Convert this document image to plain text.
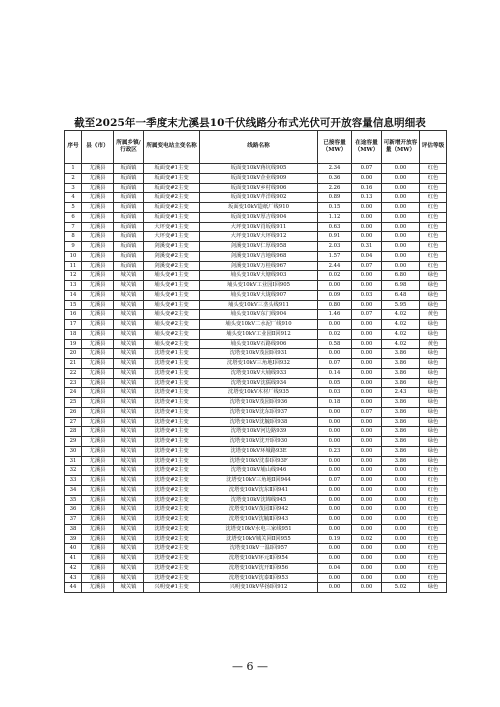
截至2025年一季度末尤溪县10千伏线路分布式光伏可开放容量信息明细表
序号	县（市）	所属乡镇/行政区	所属变电站主变名称	线路名称	已接容量（MW）	在途容量（MW）	可新增开放容量（MW）	评估等级
1	尤溪县	坂面镇	坂面变#1主变	坂面变10kV蒋坑线905	2.34	0.07	0.00	红色
2	尤溪县	坂面镇	坂面变#1主变	坂面变10kV企业线909	0.36	0.00	0.00	红色
3	尤溪县	坂面镇	坂面变#2主变	坂面变10kV乡村线906	2.26	0.16	0.00	红色
4	尤溪县	坂面镇	坂面变#2主变	坂面变10kV芹洋线902	0.89	0.13	0.00	红色
5	尤溪县	坂面镇	坂面变#2主变	坂面变10kV造纸厂线910	0.15	0.00	0.00	红色
6	尤溪县	坂面镇	坂面变#1主变	坂面变10kV厚吉线904	1.12	0.00	0.00	红色
7	尤溪县	坂面镇	大坪变#1主变	大坪变10kV肖坂线911	0.63	0.00	0.00	红色
8	尤溪县	坂面镇	大坪变#1主变	大坪变10kV大坪线912	0.91	0.00	0.00	红色
9	尤溪县	坂面镇	剑溪变#1主变	剑溪变10kV仁厚线958	2.03	0.31	0.00	红色
10	尤溪县	坂面镇	剑溪变#2主变	剑溪变10kV吉地线968	1.57	0.04	0.00	红色
11	尤溪县	坂面镇	剑溪变#2主变	剑溪变10kV万桂线967	2.44	0.07	0.00	红色
12	尤溪县	城关镇	埔头变#1主变	埔头变10kV大塘线903	0.02	0.00	6.80	绿色
13	尤溪县	城关镇	埔头变#1主变	埔头变10kV工业园Ⅰ回905	0.00	0.00	6.98	绿色
14	尤溪县	城关镇	埔头变#1主变	埔头变10kV大垅线907	0.09	0.03	6.48	绿色
15	尤溪县	城关镇	埔头变#1主变	埔头变10kV三垄头线911	0.80	0.00	5.95	绿色
16	尤溪县	城关镇	埔头变#2主变	埔头变10kV东门线904	1.46	0.07	4.02	黄色
17	尤溪县	城关镇	埔头变#2主变	埔头变10kV二水泥厂线910	0.00	0.00	4.02	绿色
18	尤溪县	城关镇	埔头变#2主变	埔头变10kV工业园Ⅱ回912	0.02	0.00	4.02	绿色
19	尤溪县	城关镇	埔头变#2主变	埔头变10kV石路线906	0.58	0.00	4.02	黄色
20	尤溪县	城关镇	沈塔变#1主变	沈塔变10kV茂园Ⅰ回931	0.00	0.00	3.86	绿色
21	尤溪县	城关镇	沈塔变#1主变	沈塔变10kV三角地Ⅰ回932	0.07	0.00	3.86	绿色
22	尤溪县	城关镇	沈塔变#1主变	沈塔变10kV大埔线933	0.14	0.00	3.86	绿色
23	尤溪县	城关镇	沈塔变#1主变	沈塔变10kV沈儒线934	0.05	0.00	3.86	绿色
24	尤溪县	城关镇	沈塔变#1主变	沈塔变10kV木材厂线935	0.03	0.00	2.43	绿色
25	尤溪县	城关镇	沈塔变#1主变	沈塔变10kV茂园Ⅰ回936	0.18	0.00	3.86	绿色
26	尤溪县	城关镇	沈塔变#1主变	沈塔变10kV沈东Ⅰ回937	0.00	0.07	3.86	绿色
27	尤溪县	城关镇	沈塔变#1主变	沈塔变10kV沈毓Ⅰ回938	0.00	0.00	3.86	绿色
28	尤溪县	城关镇	沈塔变#1主变	沈塔变10kV河边路939	0.00	0.00	3.86	绿色
29	尤溪县	城关镇	沈塔变#1主变	沈塔变10kV沈开Ⅰ回930	0.00	0.00	3.86	绿色
30	尤溪县	城关镇	沈塔变#1主变	沈塔变10kV环城路93E	0.23	0.00	3.86	绿色
31	尤溪县	城关镇	沈塔变#1主变	沈塔变10kV沈泰Ⅰ回93F	0.00	0.00	3.86	绿色
32	尤溪县	城关镇	沈塔变#2主变	沈塔变10kV埔山线946	0.00	0.00	0.00	红色
33	尤溪县	城关镇	沈塔变#2主变	沈塔变10kV三角地Ⅱ回944	0.07	0.00	0.00	红色
34	尤溪县	城关镇	沈塔变#2主变	沈塔变10kV沈东Ⅱ回941	0.00	0.00	0.00	红色
35	尤溪县	城关镇	沈塔变#2主变	沈塔变10kV沈锦线945	0.00	0.00	0.00	红色
36	尤溪县	城关镇	沈塔变#2主变	沈塔变10kV茂园Ⅱ回942	0.00	0.00	0.00	红色
37	尤溪县	城关镇	沈塔变#2主变	沈塔变10kV沈毓Ⅱ回943	0.00	0.00	0.00	红色
38	尤溪县	城关镇	沈塔变#2主变	沈塔变10kV水电三家线951	0.00	0.00	0.00	红色
39	尤溪县	城关镇	沈塔变#2主变	沈塔变10kV城关回Ⅱ回955	0.19	0.02	0.00	红色
40	尤溪县	城关镇	沈塔变#2主变	沈塔变10kV一温Ⅰ回957	0.00	0.00	0.00	红色
41	尤溪县	城关镇	沈塔变#2主变	沈塔变10kV环元Ⅱ回954	0.00	0.00	0.00	红色
42	尤溪县	城关镇	沈塔变#2主变	沈塔变10kV沈开Ⅱ回956	0.04	0.00	0.00	红色
43	尤溪县	城关镇	沈塔变#2主变	沈塔变10kV沈泰Ⅱ回953	0.00	0.00	0.00	红色
44	尤溪县	城关镇	兴明变#1主变	兴明变10kV华扬Ⅰ回912	0.00	0.00	5.02	绿色
— 6 —
